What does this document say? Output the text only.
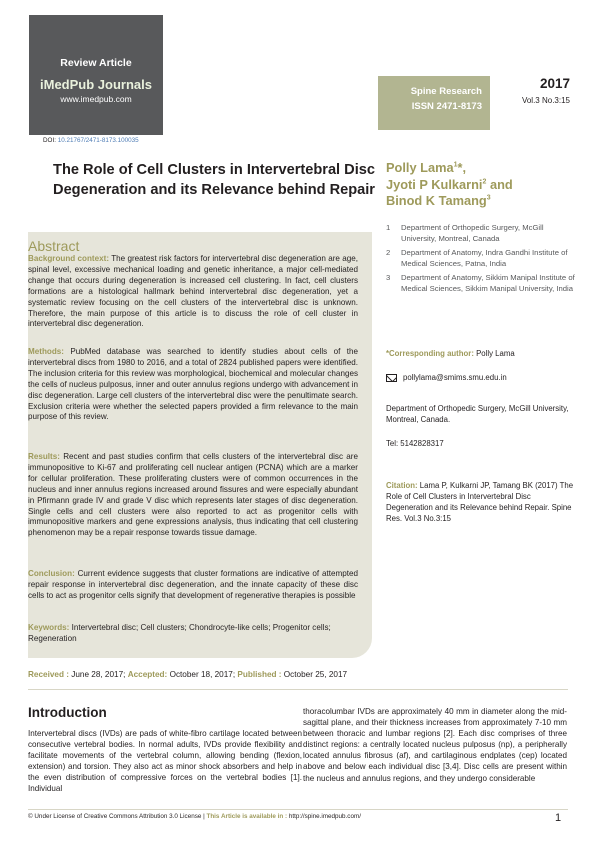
Review Article
iMedPub Journals
www.imedpub.com
Spine Research
ISSN 2471-8173
2017
Vol.3 No.3:15
DOI: 10.21767/2471-8173.100035
The Role of Cell Clusters in Intervertebral Disc
Degeneration and its Relevance behind Repair
Polly Lama$^1$*,
Jyoti P Kulkarni$^2$ and
Binod K Tamang$^3$
Abstract

Background context: The greatest risk factors for intervertebral disc degeneration are age, spinal level, excessive mechanical loading and genetic inheritance, a major cell-mediated change that occurs during degeneration is increased cell clustering. In fact, cell clusters formations are a histological hallmark behind intervertebral disc degeneration, yet a systematic review focusing on the cell clusters of the intervertebral disc is unknown. Therefore, the main purpose of this article is to discuss the role of cell cluster in intervertebral disc degeneration.

Methods: PubMed database was searched to identify studies about cells of the intervertebral discs from 1980 to 2016, and a total of 2824 published papers were identified. The inclusion criteria for this review was morphological, biochemical and molecular changes the cells of nucleus pulposus, inner and outer annulus regions undergo with advancement in disc degeneration. Large cell clusters of the intervertebral disc were the penultimate search. Exclusion criteria were whether the selected papers provided a firm relevance to the main purpose of this review.

Results: Recent and past studies confirm that cells clusters of the intervertebral disc are immunopositive to Ki-67 and proliferating cell nuclear antigen (PCNA) which are a marker for cellular proliferation. These proliferating clusters were of common occurrences in the nucleus and inner annulus regions increased around fissures and were especially abundant in Pfirmann grade IV and grade V disc which represents later stages of disc degeneration. Single cells and cell clusters were also reported to act as progenitor cells with immunopositive markers and gene expressions analysis, thus indicating that cell clustering phenomenon may be a repair response towards tissue damage.

Conclusion: Current evidence suggests that cluster formations are indicative of attempted repair response in intervertebral disc degeneration, and the innate capacity of these disc cells to act as progenitor cells signify that development of regenerative therapies is possible

Keywords: Intervertebral disc; Cell clusters; Chondrocyte-like cells; Progenitor cells; Regeneration

1	Department of Orthopedic Surgery, McGill University, Montreal, Canada
2	Department of Anatomy, Indra Gandhi Institute of Medical Sciences, Patna, India
3	Department of Anatomy, Sikkim Manipal Institute of Medical Sciences, Sikkim Manipal University, India
*Corresponding author: Polly Lama
pollylama@smims.smu.edu.in
Department of Orthopedic Surgery, McGill University, Montreal, Canada.
Tel: 5142828317
Citation: Lama P, Kulkarni JP, Tamang BK (2017) The Role of Cell Clusters in Intervertebral Disc Degeneration and its Relevance behind Repair. Spine Res. Vol.3 No.3:15
Received : June 28, 2017; Accepted: October 18, 2017; Published : October 25, 2017
Introduction

Intervertebral discs (IVDs) are pads of white-fibro cartilage located between consecutive vertebral bodies. In normal adults, IVDs provide flexibility and facilitate movements of the vertebral column, allowing bending (flexion, extension) and torsion. They also act as minor shock absorbers and help in the even distribution of compressive forces on the vertebral bodies [1]. Individual

thoracolumbar IVDs are approximately 40 mm in diameter along the mid-sagittal plane, and their thickness increases from approximately 7-10 mm between thoracic and lumbar regions [2]. Each disc comprises of three distinct regions: a centrally located nucleus pulposus (np), a peripherally located annulus fibrosus (af), and cartilaginous endplates (cep) located above and below each individual disc [3,4]. Disc cells are present within the nucleus and annulus regions, and they undergo considerable

© Under License of Creative Commons Attribution 3.0 License | This Article is available in : http://spine.imedpub.com/	1
